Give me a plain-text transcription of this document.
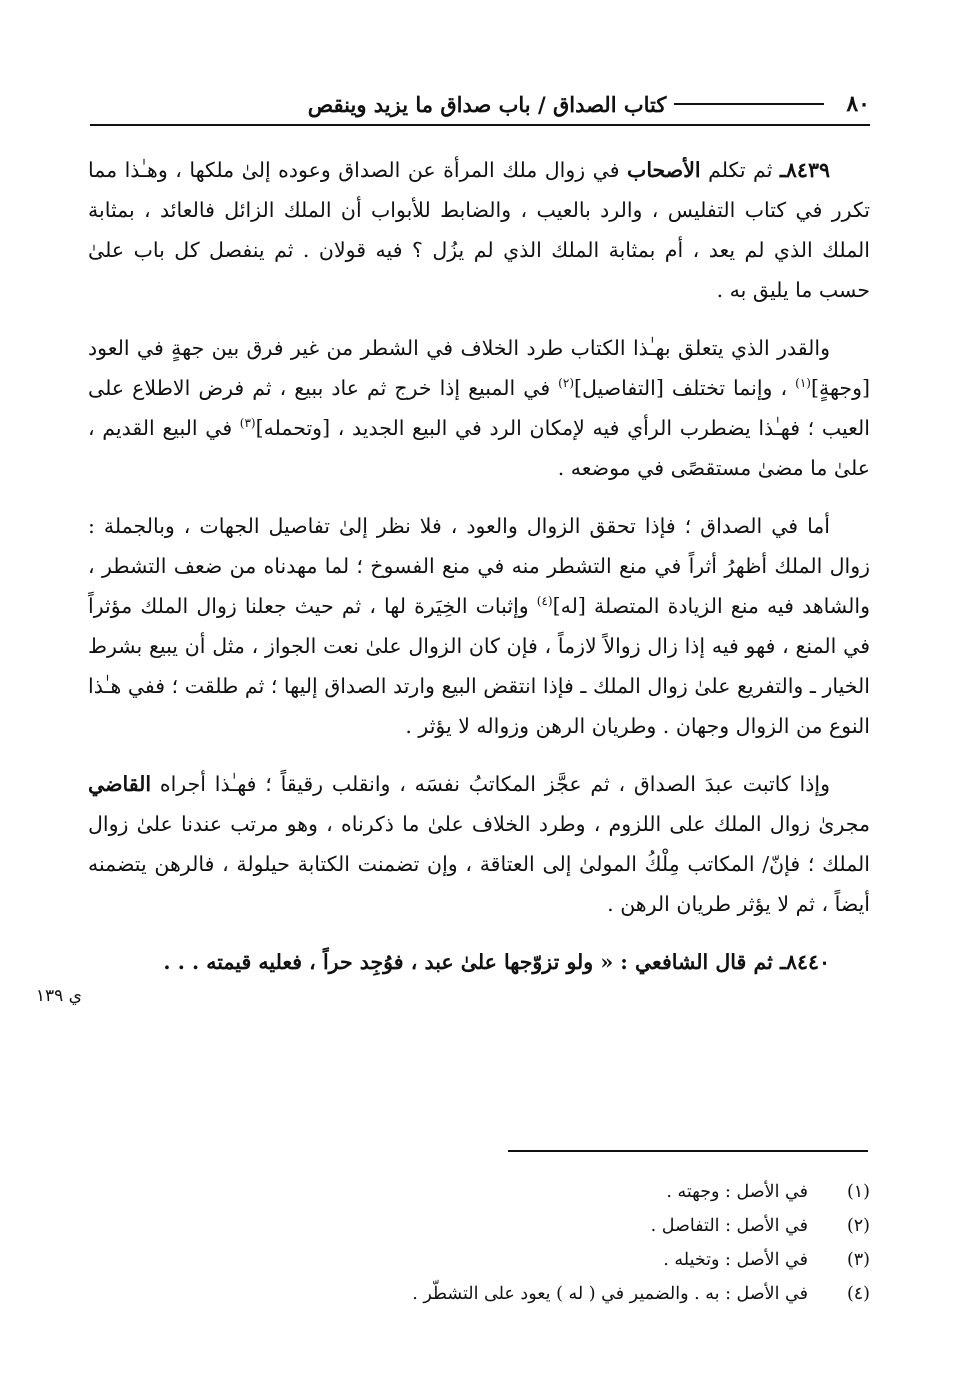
٨٠
كتاب الصداق / باب صداق ما يزيد وينقص

٨٤٣٩ـ ثم تكلم الأصحاب في زوال ملك المرأة عن الصداق وعوده إلىٰ ملكها ، وهـٰذا مما تكرر في كتاب التفليس ، والرد بالعيب ، والضابط للأبواب أن الملك الزائل فالعائد ، بمثابة الملك الذي لم يعد ، أم بمثابة الملك الذي لم يزُل ؟ فيه قولان . ثم ينفصل كل باب علىٰ حسب ما يليق به .

والقدر الذي يتعلق بهـٰذا الكتاب طرد الخلاف في الشطر من غير فرق بين جهةٍ في العود [وجهةٍ]$^{(١)}$ ، وإنما تختلف [التفاصيل]$^{(٢)}$ في المبيع إذا خرج ثم عاد ببيع ، ثم فرض الاطلاع على العيب ؛ فهـٰذا يضطرب الرأي فيه لإمكان الرد في البيع الجديد ، [وتحمله]$^{(٣)}$ في البيع القديم ، علىٰ ما مضىٰ مستقصًى في موضعه .

أما في الصداق ؛ فإذا تحقق الزوال والعود ، فلا نظر إلىٰ تفاصيل الجهات ، وبالجملة : زوال الملك أظهرُ أثراً في منع التشطر منه في منع الفسوخ ؛ لما مهدناه من ضعف التشطر ، والشاهد فيه منع الزيادة المتصلة [له]$^{(٤)}$ وإثبات الخِيَرة لها ، ثم حيث جعلنا زوال الملك مؤثراً في المنع ، فهو فيه إذا زال زوالاً لازماً ، فإن كان الزوال علىٰ نعت الجواز ، مثل أن يبيع بشرط الخيار ـ والتفريع علىٰ زوال الملك ـ فإذا انتقض البيع وارتد الصداق إليها ؛ ثم طلقت ؛ ففي هـٰذا النوع من الزوال وجهان . وطريان الرهن وزواله لا يؤثر .

وإذا كاتبت عبدَ الصداق ، ثم عجَّز المكاتبُ نفسَه ، وانقلب رقيقاً ؛ فهـٰذا أجراه القاضي مجرىٰ زوال الملك على اللزوم ، وطرد الخلاف علىٰ ما ذكرناه ، وهو مرتب عندنا علىٰ زوال الملك ؛ فإنّ/ المكاتب مِلْكُ المولىٰ إلى العتاقة ، وإن تضمنت الكتابة حيلولة ، فالرهن يتضمنه أيضاً ، ثم لا يؤثر طريان الرهن .

٨٤٤٠ـ ثم قال الشافعي : « ولو تزوّجها علىٰ عبد ، فوُجِد حراً ، فعليه قيمته . . .

ي ١٣٩
(١)
في الأصل : وجهته .
(٢)
في الأصل : التفاصل .
(٣)
في الأصل : وتخيله .
(٤)
في الأصل : به . والضمير في ( له ) يعود على التشطّر .
